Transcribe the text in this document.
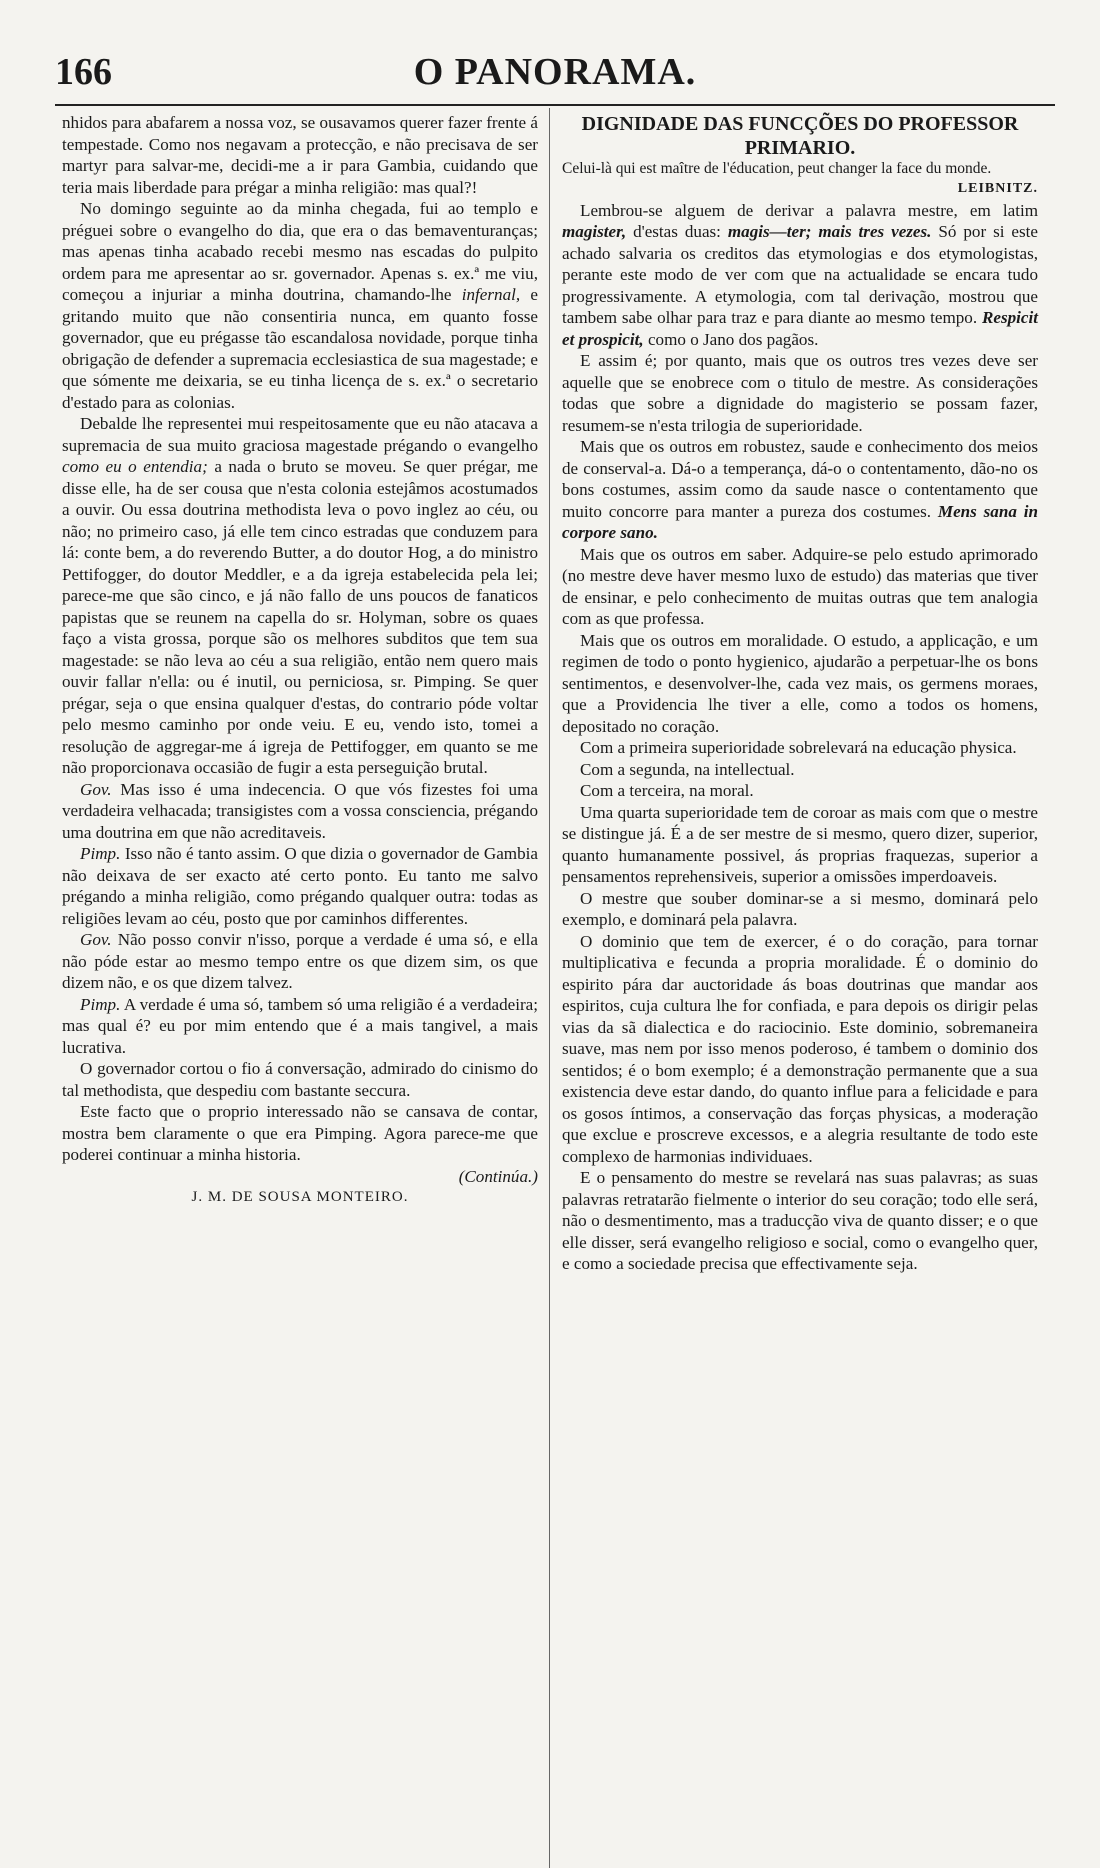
166	O PANORAMA.

nhidos para abafarem a nossa voz, se ousavamos querer fazer frente á tempestade. Como nos negavam a protecção, e não precisava de ser martyr para salvar-me, decidi-me a ir para Gambia, cuidando que teria mais liberdade para prégar a minha religião: mas qual?!

No domingo seguinte ao da minha chegada, fui ao templo e préguei sobre o evangelho do dia, que era o das bemaventuranças; mas apenas tinha acabado recebi mesmo nas escadas do pulpito ordem para me apresentar ao sr. governador. Apenas s. ex.ª me viu, começou a injuriar a minha doutrina, chamando-lhe infernal, e gritando muito que não consentiria nunca, em quanto fosse governador, que eu prégasse tão escandalosa novidade, porque tinha obrigação de defender a supremacia ecclesiastica de sua magestade; e que sómente me deixaria, se eu tinha licença de s. ex.ª o secretario d'estado para as colonias.

Debalde lhe representei mui respeitosamente que eu não atacava a supremacia de sua muito graciosa magestade prégando o evangelho como eu o entendia; a nada o bruto se moveu. Se quer prégar, me disse elle, ha de ser cousa que n'esta colonia estejâmos acostumados a ouvir. Ou essa doutrina methodista leva o povo inglez ao céu, ou não; no primeiro caso, já elle tem cinco estradas que conduzem para lá: conte bem, a do reverendo Butter, a do doutor Hog, a do ministro Pettifogger, do doutor Meddler, e a da igreja estabelecida pela lei; parece-me que são cinco, e já não fallo de uns poucos de fanaticos papistas que se reunem na capella do sr. Holyman, sobre os quaes faço a vista grossa, porque são os melhores subditos que tem sua magestade: se não leva ao céu a sua religião, então nem quero mais ouvir fallar n'ella: ou é inutil, ou perniciosa, sr. Pimping. Se quer prégar, seja o que ensina qualquer d'estas, do contrario póde voltar pelo mesmo caminho por onde veiu. E eu, vendo isto, tomei a resolução de aggregar-me á igreja de Pettifogger, em quanto se me não proporcionava occasião de fugir a esta perseguição brutal.

Gov. Mas isso é uma indecencia. O que vós fizestes foi uma verdadeira velhacada; transigistes com a vossa consciencia, prégando uma doutrina em que não acreditaveis.

Pimp. Isso não é tanto assim. O que dizia o governador de Gambia não deixava de ser exacto até certo ponto. Eu tanto me salvo prégando a minha religião, como prégando qualquer outra: todas as religiões levam ao céu, posto que por caminhos differentes.

Gov. Não posso convir n'isso, porque a verdade é uma só, e ella não póde estar ao mesmo tempo entre os que dizem sim, os que dizem não, e os que dizem talvez.

Pimp. A verdade é uma só, tambem só uma religião é a verdadeira; mas qual é? eu por mim entendo que é a mais tangivel, a mais lucrativa.

O governador cortou o fio á conversação, admirado do cinismo do tal methodista, que despediu com bastante seccura.

Este facto que o proprio interessado não se cansava de contar, mostra bem claramente o que era Pimping. Agora parece-me que poderei continuar a minha historia.

(Continúa.)

J. M. DE SOUSA MONTEIRO.

DIGNIDADE DAS FUNCÇÕES DO PROFESSOR PRIMARIO.

Celui-là qui est maître de l'éducation, peut changer la face du monde.

LEIBNITZ.

Lembrou-se alguem de derivar a palavra mestre, em latim magister, d'estas duas: magis—ter; mais tres vezes. Só por si este achado salvaria os creditos das etymologias e dos etymologistas, perante este modo de ver com que na actualidade se encara tudo progressivamente. A etymologia, com tal derivação, mostrou que tambem sabe olhar para traz e para diante ao mesmo tempo. Respicit et prospicit, como o Jano dos pagãos.

E assim é; por quanto, mais que os outros tres vezes deve ser aquelle que se enobrece com o titulo de mestre. As considerações todas que sobre a dignidade do magisterio se possam fazer, resumem-se n'esta trilogia de superioridade.

Mais que os outros em robustez, saude e conhecimento dos meios de conserval-a. Dá-o a temperança, dá-o o contentamento, dão-no os bons costumes, assim como da saude nasce o contentamento que muito concorre para manter a pureza dos costumes. Mens sana in corpore sano.

Mais que os outros em saber. Adquire-se pelo estudo aprimorado (no mestre deve haver mesmo luxo de estudo) das materias que tiver de ensinar, e pelo conhecimento de muitas outras que tem analogia com as que professa.

Mais que os outros em moralidade. O estudo, a applicação, e um regimen de todo o ponto hygienico, ajudarão a perpetuar-lhe os bons sentimentos, e desenvolver-lhe, cada vez mais, os germens moraes, que a Providencia lhe tiver a elle, como a todos os homens, depositado no coração.

Com a primeira superioridade sobrelevará na educação physica.

Com a segunda, na intellectual.

Com a terceira, na moral.

Uma quarta superioridade tem de coroar as mais com que o mestre se distingue já. É a de ser mestre de si mesmo, quero dizer, superior, quanto humanamente possivel, ás proprias fraquezas, superior a pensamentos reprehensiveis, superior a omissões imperdoaveis.

O mestre que souber dominar-se a si mesmo, dominará pelo exemplo, e dominará pela palavra.

O dominio que tem de exercer, é o do coração, para tornar multiplicativa e fecunda a propria moralidade. É o dominio do espirito pára dar auctoridade ás boas doutrinas que mandar aos espiritos, cuja cultura lhe for confiada, e para depois os dirigir pelas vias da sã dialectica e do raciocinio. Este dominio, sobremaneira suave, mas nem por isso menos poderoso, é tambem o dominio dos sentidos; é o bom exemplo; é a demonstração permanente que a sua existencia deve estar dando, do quanto influe para a felicidade e para os gosos íntimos, a conservação das forças physicas, a moderação que exclue e proscreve excessos, e a alegria resultante de todo este complexo de harmonias individuaes.

E o pensamento do mestre se revelará nas suas palavras; as suas palavras retratarão fielmente o interior do seu coração; todo elle será, não o desmentimento, mas a traducção viva de quanto disser; e o que elle disser, será evangelho religioso e social, como o evangelho quer, e como a sociedade precisa que effectivamente seja.
